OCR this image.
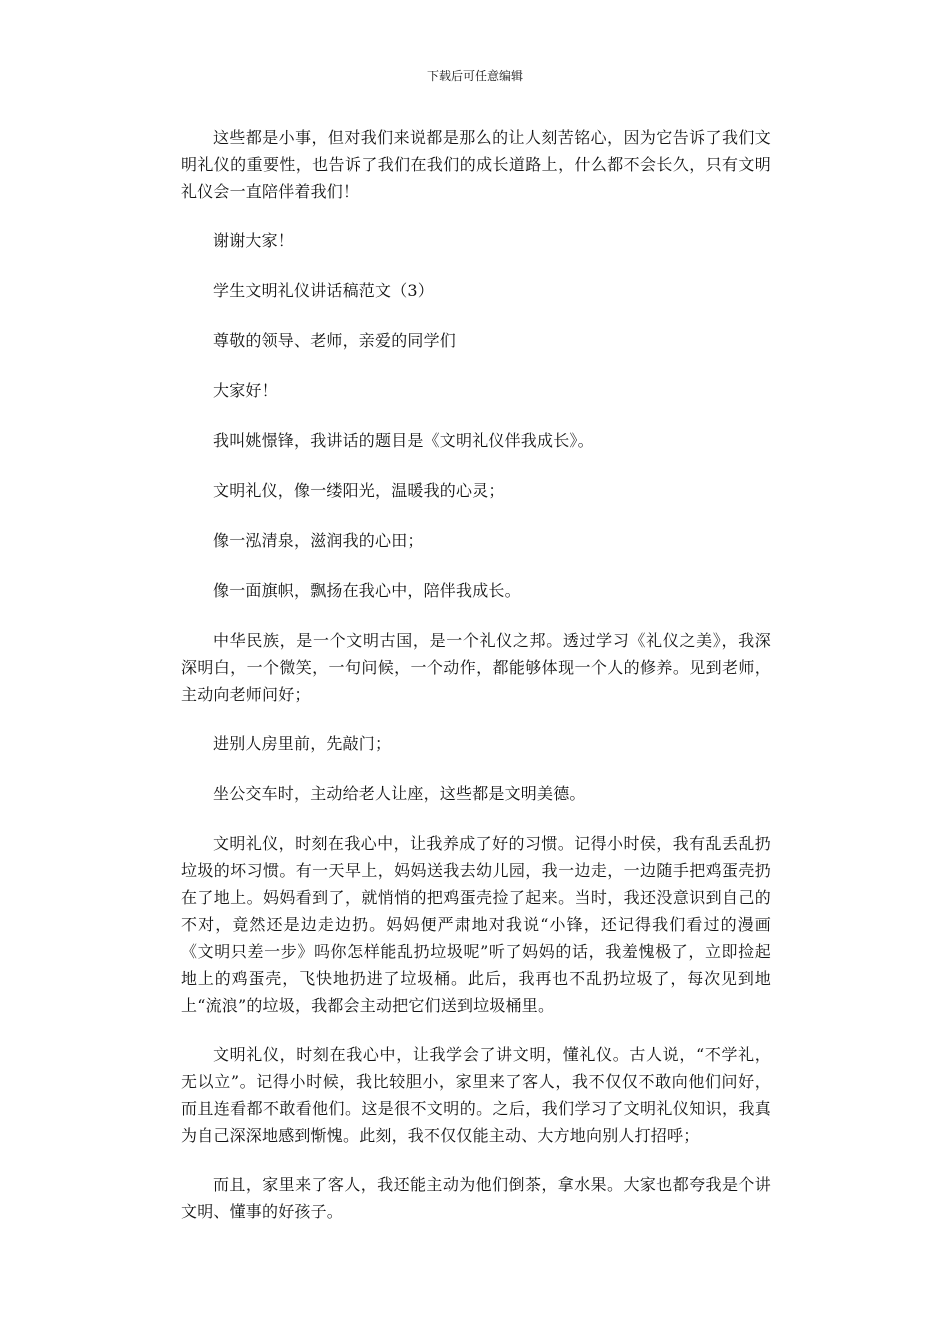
下载后可任意编辑

这些都是小事，但对我们来说都是那么的让人刻苦铭心，因为它告诉了我们文明礼仪的重要性，也告诉了我们在我们的成长道路上，什么都不会长久，只有文明礼仪会一直陪伴着我们！

谢谢大家！

学生文明礼仪讲话稿范文（3）

尊敬的领导、老师，亲爱的同学们

大家好！

我叫姚憬锋，我讲话的题目是《文明礼仪伴我成长》。

文明礼仪，像一缕阳光，温暖我的心灵；

像一泓清泉，滋润我的心田；

像一面旗帜，飘扬在我心中，陪伴我成长。

中华民族，是一个文明古国，是一个礼仪之邦。透过学习《礼仪之美》，我深深明白，一个微笑，一句问候，一个动作，都能够体现一个人的修养。见到老师，主动向老师问好；

进别人房里前，先敲门；

坐公交车时，主动给老人让座，这些都是文明美德。

文明礼仪，时刻在我心中，让我养成了好的习惯。记得小时侯，我有乱丢乱扔垃圾的坏习惯。有一天早上，妈妈送我去幼儿园，我一边走，一边随手把鸡蛋壳扔在了地上。妈妈看到了，就悄悄的把鸡蛋壳捡了起来。当时，我还没意识到自己的不对，竟然还是边走边扔。妈妈便严肃地对我说“小锋，还记得我们看过的漫画《文明只差一步》吗你怎样能乱扔垃圾呢”听了妈妈的话，我羞愧极了，立即捡起地上的鸡蛋壳，飞快地扔进了垃圾桶。此后，我再也不乱扔垃圾了，每次见到地上“流浪”的垃圾，我都会主动把它们送到垃圾桶里。

文明礼仪，时刻在我心中，让我学会了讲文明，懂礼仪。古人说，“不学礼，无以立”。记得小时候，我比较胆小，家里来了客人，我不仅仅不敢向他们问好，而且连看都不敢看他们。这是很不文明的。之后，我们学习了文明礼仪知识，我真为自己深深地感到惭愧。此刻，我不仅仅能主动、大方地向别人打招呼；

而且，家里来了客人，我还能主动为他们倒茶，拿水果。大家也都夸我是个讲文明、懂事的好孩子。
